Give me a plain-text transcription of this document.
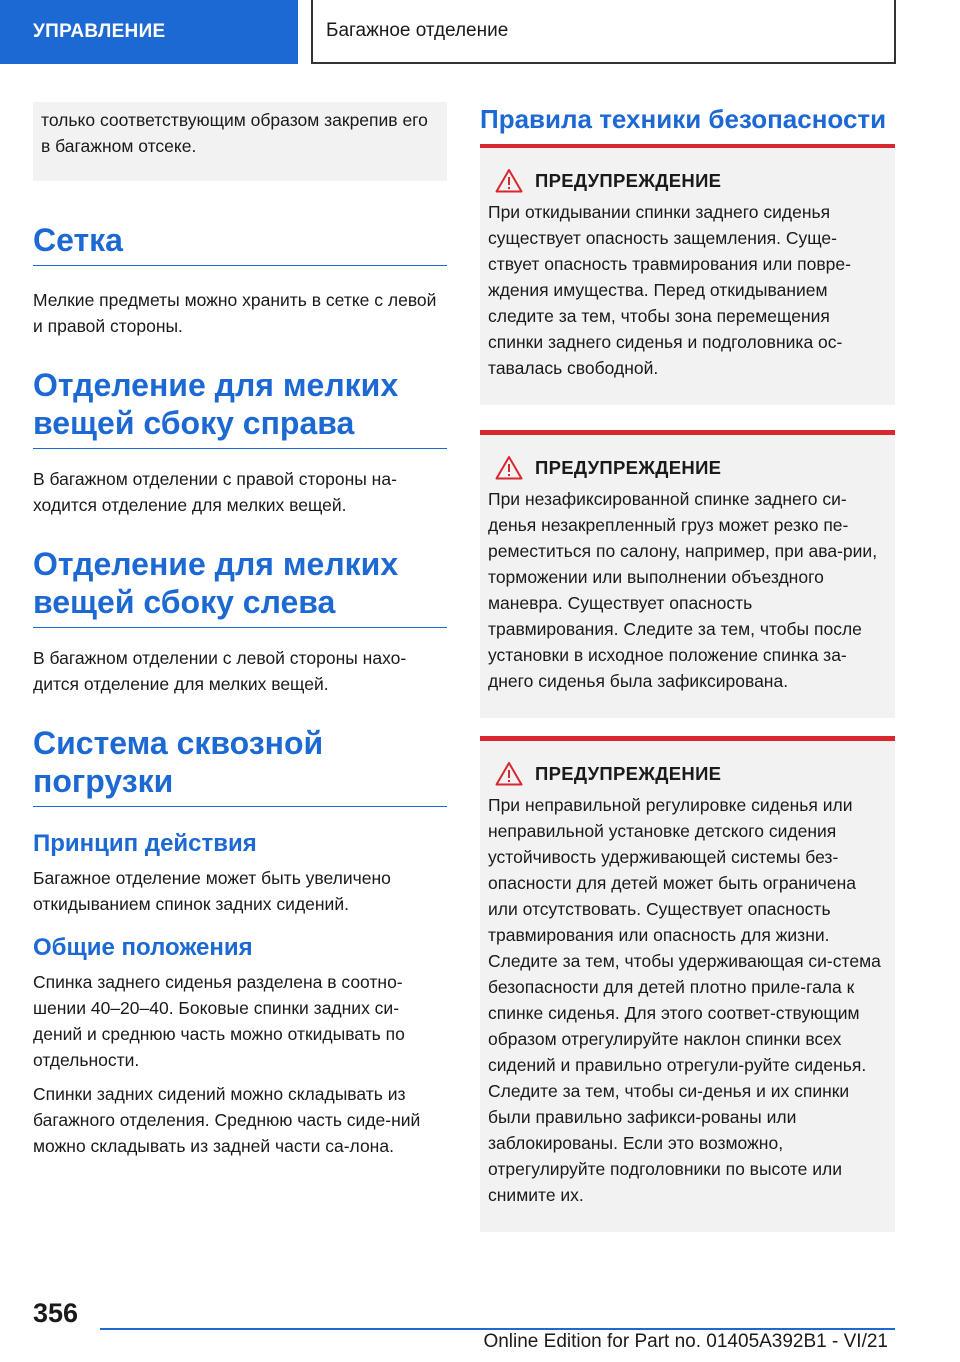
УПРАВЛЕНИЕ	Багажное отделение
только соответствующим образом закрепив его в багажном отсеке.
Сетка

Мелкие предметы можно хранить в сетке с левой и правой стороны.

Отделение для мелких вещей сбоку справа

В багажном отделении с правой стороны на-ходится отделение для мелких вещей.

Отделение для мелких вещей сбоку слева

В багажном отделении с левой стороны нахо-дится отделение для мелких вещей.

Система сквозной погрузки
Принцип действия

Багажное отделение может быть увеличено откидыванием спинок задних сидений.

Общие положения

Спинка заднего сиденья разделена в соотно-шении 40–20–40. Боковые спинки задних си-дений и среднюю часть можно откидывать по отдельности.

Спинки задних сидений можно складывать из багажного отделения. Среднюю часть сиде-ний можно складывать из задней части са-лона.

Правила техники безопасности
ПРЕДУПРЕЖДЕНИЕ

При откидывании спинки заднего сиденья существует опасность защемления. Суще-ствует опасность травмирования или повре-ждения имущества. Перед откидыванием следите за тем, чтобы зона перемещения спинки заднего сиденья и подголовника ос-тавалась свободной.

ПРЕДУПРЕЖДЕНИЕ

При незафиксированной спинке заднего си-денья незакрепленный груз может резко пе-реместиться по салону, например, при ава-рии, торможении или выполнении объездного маневра. Существует опасность травмирования. Следите за тем, чтобы после установки в исходное положение спинка за-днего сиденья была зафиксирована.

ПРЕДУПРЕЖДЕНИЕ

При неправильной регулировке сиденья или неправильной установке детского сидения устойчивость удерживающей системы без-опасности для детей может быть ограничена или отсутствовать. Существует опасность травмирования или опасность для жизни. Следите за тем, чтобы удерживающая си-стема безопасности для детей плотно приле-гала к спинке сиденья. Для этого соответ-ствующим образом отрегулируйте наклон спинки всех сидений и правильно отрегули-руйте сиденья. Следите за тем, чтобы си-денья и их спинки были правильно зафикси-рованы или заблокированы. Если это возможно, отрегулируйте подголовники по высоте или снимите их.

356
Online Edition for Part no. 01405A392B1 - VI/21
